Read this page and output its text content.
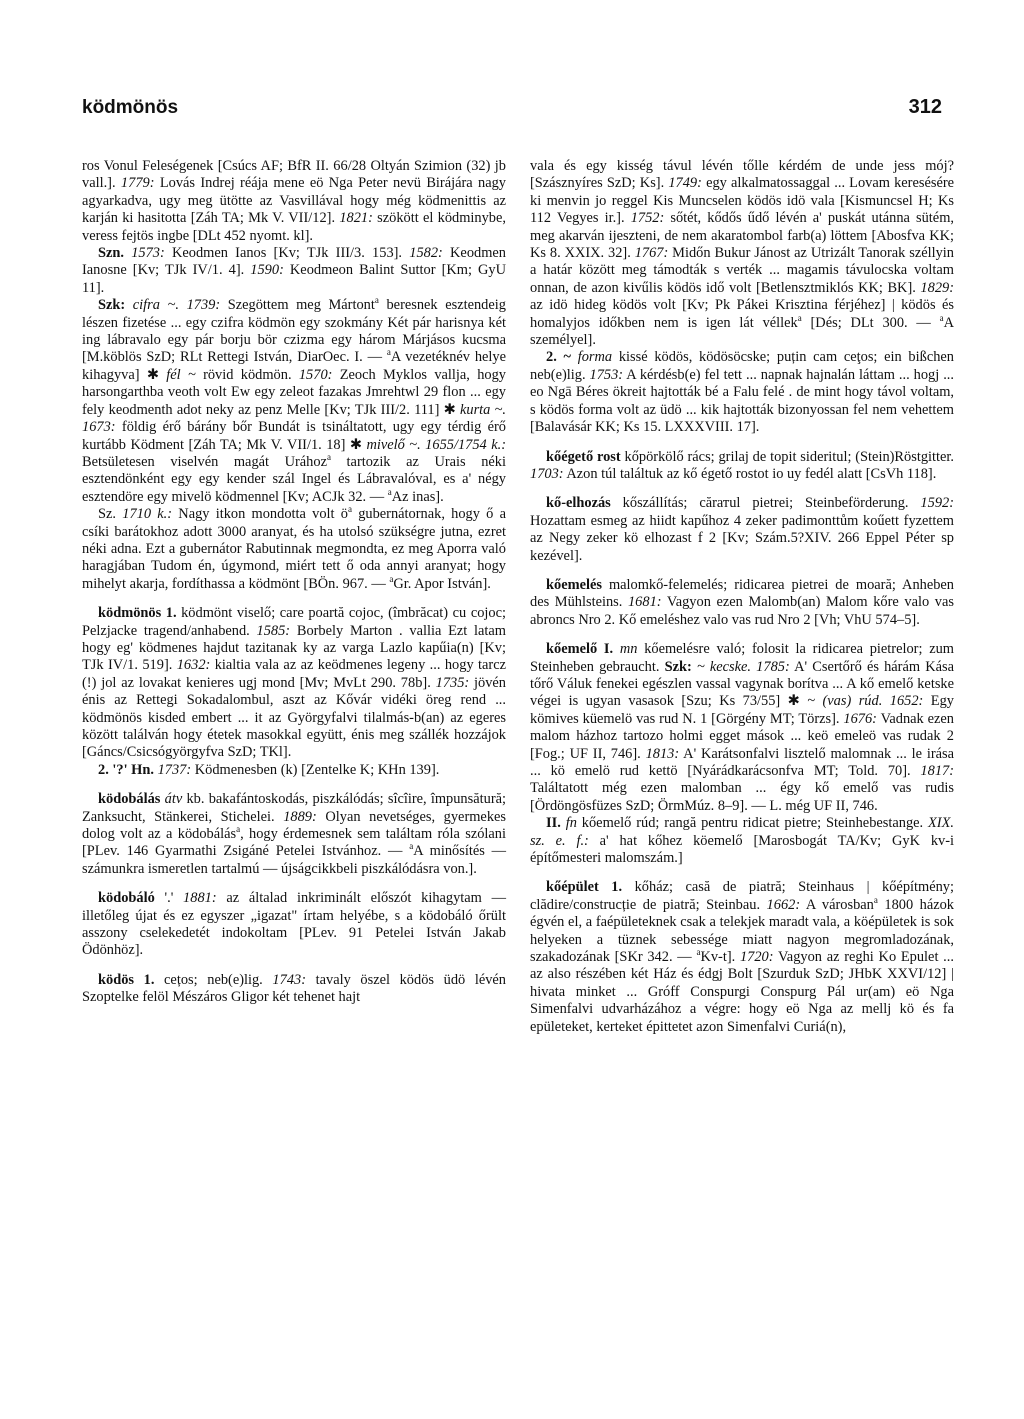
ködmönös	312

ros Vonul Feleségenek [Csúcs AF; BfR II. 66/28 Oltyán Szimion (32) jb vall.]. 1779: Lovás Indrej réája mene eö Nga Peter nevü Birájára nagy agyarkadva, ugy meg ütötte az Vasvillával hogy még ködmenittis az karján ki hasitotta [Záh TA; Mk V. VII/12]. 1821: szökött el ködminybe, veress fejtös ingbe [DLt 452 nyomt. kl].

Szn. 1573: Keodmen Ianos [Kv; TJk III/3. 153]. 1582: Keodmen Ianosne [Kv; TJk IV/1. 4]. 1590: Keodmeon Balint Suttor [Km; GyU 11].

Szk: cifra ~. 1739: Szegöttem meg Mártont$^a$ beresnek esztendeig lészen fizetése ... egy czifra ködmön egy szokmány Két pár harisnya két ing lábravalo egy pár borju bör czizma egy három Márjásos kucsma [M.köblös SzD; RLt Rettegi István, DiarOec. I. — $^a$A vezetéknév helye kihagyva] ✱ fél ~ rövid ködmön. 1570: Zeoch Myklos vallja, hogy harsongarthba veoth volt Ew egy zeleot fazakas Jmrehtwl 29 flon ... egy fely keodmenth adot neky az penz Melle [Kv; TJk III/2. 111] ✱ kurta ~. 1673: földig érő bárány bőr Bundát is tsináltatott, ugy egy térdig érő kurtább Ködment [Záh TA; Mk V. VII/1. 18] ✱ mivelő ~. 1655/1754 k.: Betsületesen viselvén magát Urához$^a$ tartozik az Urais néki esztendönként egy egy kender szál Ingel és Lábravalóval, es a' négy esztendöre egy mivelö ködmennel [Kv; ACJk 32. — $^a$Az inas].

Sz. 1710 k.: Nagy itkon mondotta volt $ö^a$ gubernátornak, hogy ő a csíki barátokhoz adott 3000 aranyat, és ha utolsó szükségre jutna, ezret néki adna. Ezt a gubernátor Rabutinnak megmondta, ez meg Aporra való haragjában Tudom én, úgymond, miért tett ő oda annyi aranyat; hogy mihelyt akarja, fordíthassa a ködmönt [BÖn. 967. — $^a$Gr. Apor István].

ködmönös 1. ködmönt viselő; care poartă cojoc, (îmbrăcat) cu cojoc; Pelzjacke tragend/anhabend. 1585: Borbely Marton . vallia Ezt latam hogy eg' ködmenes hajdut tazitanak ky az varga Lazlo kapűia(n) [Kv; TJk IV/1. 519]. 1632: kialtia vala az az keödmenes legeny ... hogy tarcz (!) jol az lovakat kenieres ugj mond [Mv; MvLt 290. 78b]. 1735: jövén énis az Rettegi Sokadalombul, aszt az Kővár vidéki öreg rend ... ködmönös kisded embert ... it az Györgyfalvi tilalmás-b(an) az egeres között találván hogy étetek masokkal együtt, énis meg szállék hozzájok [Gáncs/Csicsógyörgyfva SzD; TKl].

2. '?' Hn. 1737: Ködmenesben (k) [Zentelke K; KHn 139].

ködobálás átv kb. bakafántoskodás, piszkálódás; sîcîire, împunsătură; Zanksucht, Stänkerei, Stichelei. 1889: Olyan nevetséges, gyermekes dolog volt az a ködobálás$^a$, hogy érdemesnek sem találtam róla szólani [PLev. 146 Gyarmathi Zsigáné Petelei Istvánhoz. — $^a$A minősítés — számunkra ismeretlen tartalmú — újságcikkbeli piszkálódásra von.].

ködobáló '.' 1881: az általad inkriminált előszót kihagytam — illetőleg újat és ez egyszer „igazat" írtam helyébe, s a ködobáló őrült asszony cselekedetét indokoltam [PLev. 91 Petelei István Jakab Ödönhöz].

ködös 1. cețos; neb(e)lig. 1743: tavaly öszel ködös üdö lévén Szoptelke felöl Mészáros Gligor két tehenet hajt

vala és egy kisség távul lévén tőlle kérdém de unde jess mój? [Szásznyíres SzD; Ks]. 1749: egy alkalmatossaggal ... Lovam keresésére ki menvin jo reggel Kis Muncselen ködös idö vala [Kismuncsel H; Ks 112 Vegyes ir.]. 1752: sőtét, kődős űdő lévén a' puskát utánna sütém, meg akarván ijeszteni, de nem akaratombol farb(a) löttem [Abosfva KK; Ks 8. XXIX. 32]. 1767: Midőn Bukur Jánost az Utrizált Tanorak széllyin a határ között meg támodták s verték ... magamis távulocska voltam onnan, de azon kivűlis ködös idő volt [Betlensztmiklós KK; BK]. 1829: az idö hideg ködös volt [Kv; Pk Pákei Krisztina férjéhez] | ködös és homalyjos időkben nem is igen lát véllek$^a$ [Dés; DLt 300. — $^a$A személyel].

2. ~ forma kissé ködös, ködösöcske; puțin cam ceţos; ein bißchen neb(e)lig. 1753: A kérdésb(e) fel tett ... napnak hajnalán láttam ... hogj ... eo Ngā Béres ökreit hajtották bé a Falu felé . de mint hogy távol voltam, s ködös forma volt az üdö ... kik hajtották bizonyossan fel nem vehettem [Balavásár KK; Ks 15. LXXXVIII. 17].

kőégető rost kőpörkölő rács; grilaj de topit sideritul; (Stein)Röstgitter. 1703: Azon túl találtuk az kő égető rostot io uy fedél alatt [CsVh 118].

kő-elhozás kőszállítás; cărатul pietrei; Steinbeförderung. 1592: Hozattam esmeg az hiidt kapűhoz 4 zeker padimonttům koűett fyzettem az Negy zeker kö elhozast f 2 [Kv; Szám.5?XIV. 266 Eppel Péter sp kezével].

kőemelés malomkő-felemelés; ridicarea pietrei de moară; Anheben des Mühlsteins. 1681: Vagyon ezen Malomb(an) Malom kőre valo vas abroncs Nro 2. Kő emeléshez valo vas rud Nro 2 [Vh; VhU 574–5].

kőemelő I. mn kőemelésre való; folosit la ridicarea pietrelor; zum Steinheben gebraucht. Szk: ~ kecske. 1785: A' Csertőrő és hárám Kása tőrő Váluk fenekei egészlen vassal vagynak borítva ... A kő emelő ketske végei is ugyan vasasok [Szu; Ks 73/55] ✱ ~ (vas) rúd. 1652: Egy kömives küemelö vas rud N. 1 [Görgény MT; Törzs]. 1676: Vadnak ezen malom házhoz tartozo holmi egget mások ... keö emeleö vas rudak 2 [Fog.; UF II, 746]. 1813: A' Karátsonfalvi lisztelő malomnak ... le irása ... kö emelö rud kettö [Nyárádkarácsonfva MT; Told. 70]. 1817: Találtatott még ezen malomban ... égy kő emelő vas rudis [Ördöngösfüzes SzD; ÖrmMúz. 8–9]. — L. még UF II, 746.

II. fn kőemelő rúd; rangă pentru ridicat pietre; Steinhebestange. XIX. sz. e. f.: a' hat kőhez köemelő [Marosbogát TA/Kv; GyK kv-i építőmesteri malomszám.]

kőépület 1. kőház; casă de piatră; Steinhaus | kőépítmény; clădire/construcție de piatră; Steinbau. 1662: A városban$^a$ 1800 házok égvén el, a faépületeknek csak a telekjek maradt vala, a köépületek is sok helyeken a tüznek sebessége miatt nagyon megromladozának, szakadozának [SKr 342. — $^a$Kv-t]. 1720: Vagyon az reghi Ko Epulet ... az also részében két Ház és édgj Bolt [Szurduk SzD; JHbK XXVI/12] | hivata minket ... Gróff Conspurgi Conspurg Pál ur(am) eö Nga Simenfalvi udvarházához a végre: hogy eö Nga az mellj kö és fa epületeket, kerteket épittetet azon Simenfalvi Curiá(n),
